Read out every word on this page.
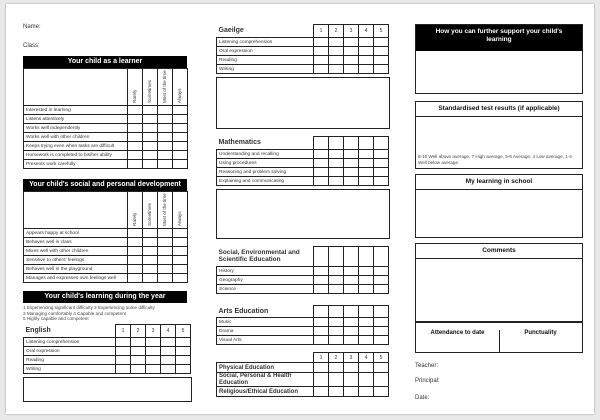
Name:
Class:
Your child as a learner
	Rarely	Sometimes	Most of the time	Always
Interested in learning				
Listens attentively				
Works well independently				
Works well with other children				
Keeps trying even when tasks are difficult				
Homework is completed to his/her ability				
Presents work carefully				
Your child's social and personal development
	Rarely	Sometimes	Most of the time	Always
Appears happy at school				
Behaves well in class				
Mixes well with other children				
Sensitive to others' feelings				
Behaves well in the playground				
Manages and expresses own feelings well				
Your child's learning during the year
1 Experiencing significant difficulty 2 Experiencing some difficulty
3 Managing comfortably 4 Capable and competent
5 Highly capable and competent
English	1	2	3	4	5
Listening comprehension					
Oral expression					
Reading					
Writing					
Gaeilge	1	2	3	4	5
Listening comprehension					
Oral expression					
Reading					
Writing					
Mathematics					
Understanding and recalling					
Using procedures					
Reasoning and problem solving					
Explaining and communicating					
Social, Environmental and Scientific Education					
History					
Geography					
Science					
Arts Education					
Music					
Drama					
Visual Arts					
	1	2	3	4	5
Physical Education					
Social, Personal & Health Education					
Religious/Ethical Education					
How you can further support your child's learning
Standardised test results (if applicable)
8-10 Well above average, 7 High average, 5-6 Average, 4 Low average, 1-3 Well below average
My learning in school
Comments
Attendance to date	Punctuality
Teacher:
Principal:
Date:
